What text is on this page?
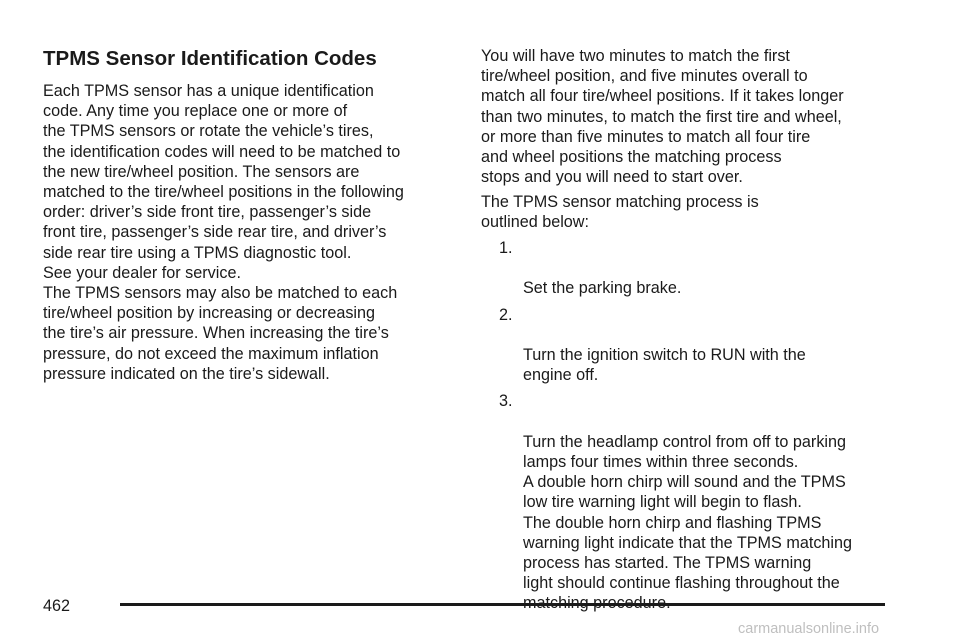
TPMS Sensor Identification Codes

Each TPMS sensor has a unique identification
code. Any time you replace one or more of
the TPMS sensors or rotate the vehicle’s tires,
the identification codes will need to be matched to
the new tire/wheel position. The sensors are
matched to the tire/wheel positions in the following
order: driver’s side front tire, passenger’s side
front tire, passenger’s side rear tire, and driver’s
side rear tire using a TPMS diagnostic tool.
See your dealer for service.

The TPMS sensors may also be matched to each
tire/wheel position by increasing or decreasing
the tire’s air pressure. When increasing the tire’s
pressure, do not exceed the maximum inflation
pressure indicated on the tire’s sidewall.

You will have two minutes to match the first
tire/wheel position, and five minutes overall to
match all four tire/wheel positions. If it takes longer
than two minutes, to match the first tire and wheel,
or more than five minutes to match all four tire
and wheel positions the matching process
stops and you will need to start over.

The TPMS sensor matching process is
outlined below:

1.

Set the parking brake.

2.

Turn the ignition switch to RUN with the
engine off.

3.

Turn the headlamp control from off to parking
lamps four times within three seconds.
A double horn chirp will sound and the TPMS
low tire warning light will begin to flash.
The double horn chirp and flashing TPMS
warning light indicate that the TPMS matching
process has started. The TPMS warning
light should continue flashing throughout the

462
carmanualsonline.info
